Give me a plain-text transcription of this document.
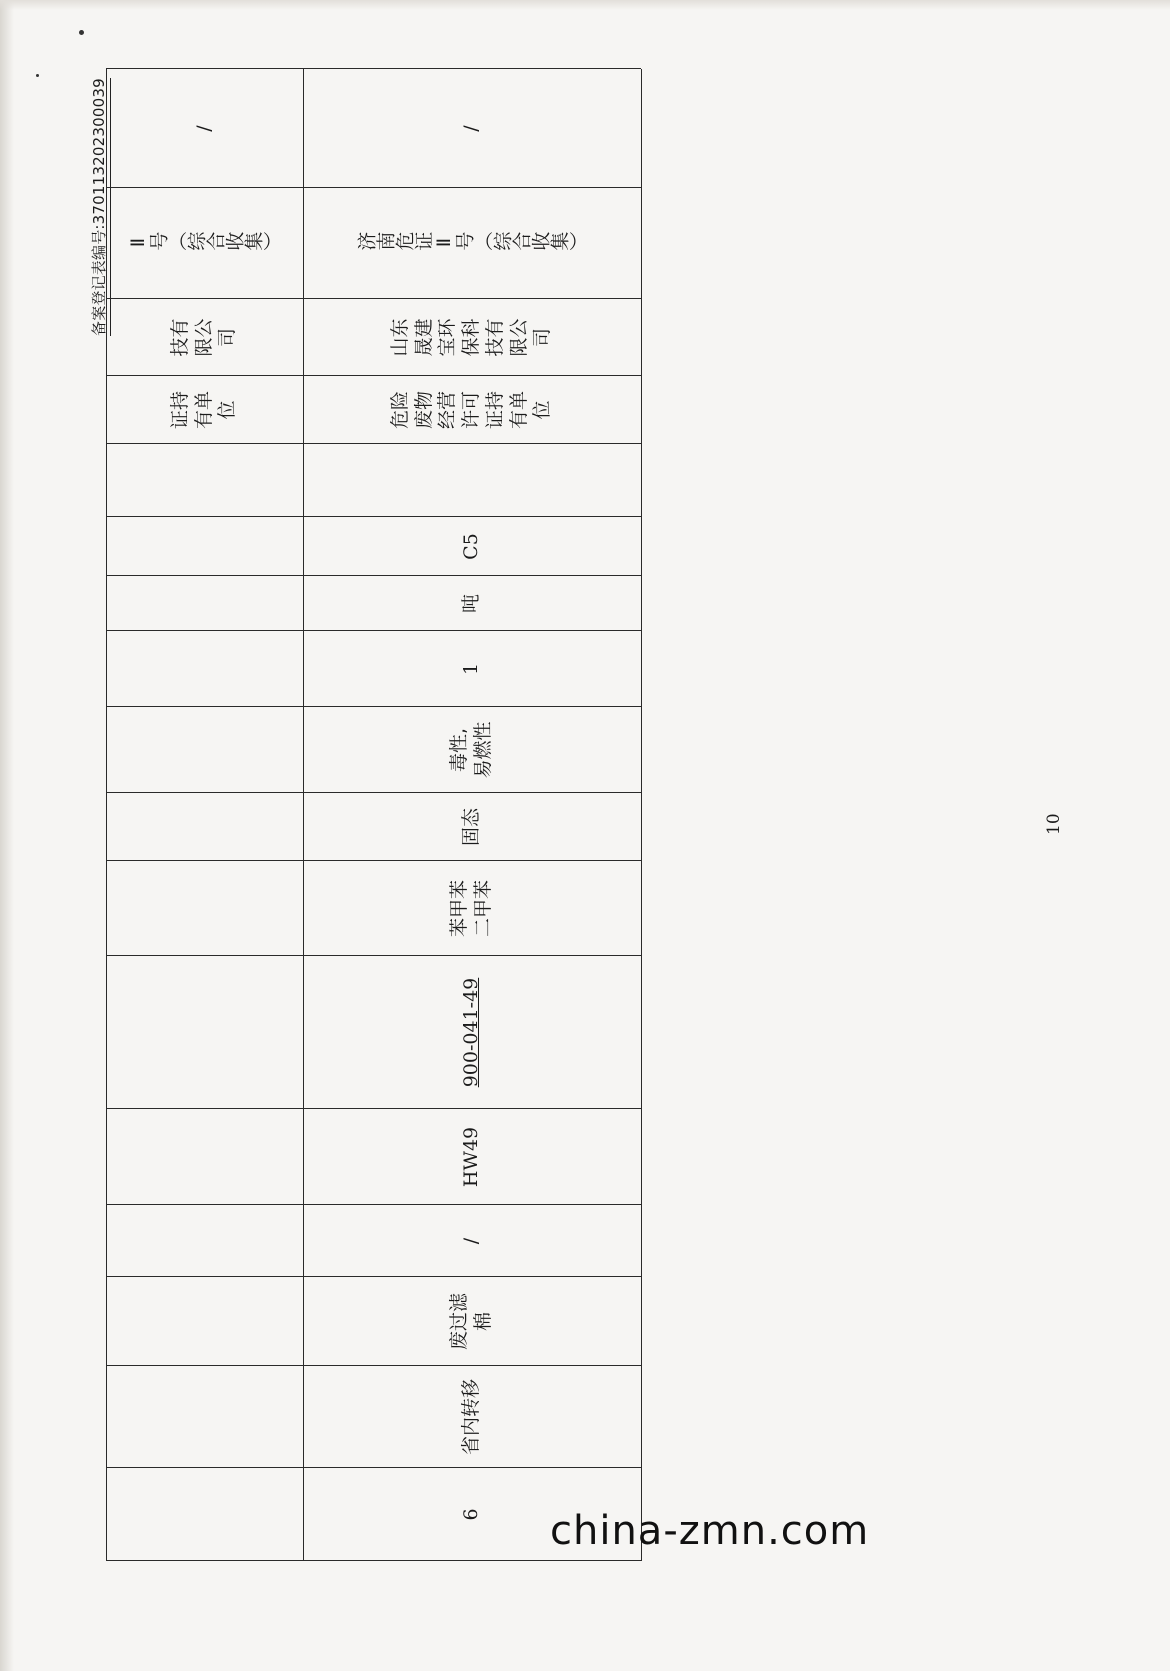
备案登记表编号:370113202300039
10
证持
有单
位
技有
限公
司
Ⅱ号（综合收集）
/
6
省内转移
废过滤
棉
/
HW49
900-041-49
苯甲苯
二甲苯
固态
毒性,
易燃性
1
吨
C5
危险
废物
经营
许可
证持
有单
位
山东
晟建
宝环
保科
技有
限公
司
济南危证Ⅱ号（综合收集）
/
china-zmn.com
